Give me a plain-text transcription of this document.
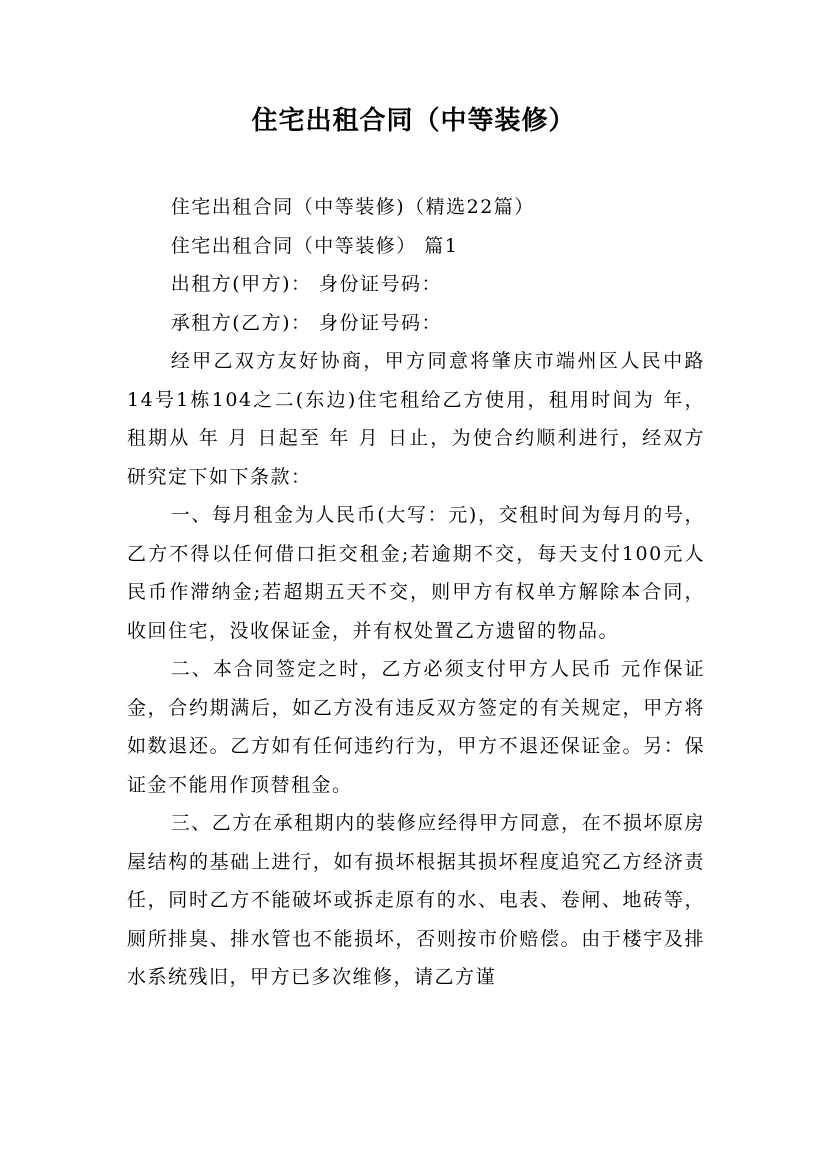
住宅出租合同（中等装修）

住宅出租合同（中等装修)（精选22篇）

住宅出租合同（中等装修） 篇1

出租方(甲方)： 身份证号码：

承租方(乙方)： 身份证号码：

经甲乙双方友好协商，甲方同意将肇庆市端州区人民中路14号1栋104之二(东边)住宅租给乙方使用，租用时间为 年，租期从 年 月 日起至 年 月 日止，为使合约顺利进行，经双方研究定下如下条款：

一、每月租金为人民币(大写：元)，交租时间为每月的号，乙方不得以任何借口拒交租金;若逾期不交，每天支付100元人民币作滞纳金;若超期五天不交，则甲方有权单方解除本合同，收回住宅，没收保证金，并有权处置乙方遗留的物品。

二、本合同签定之时，乙方必须支付甲方人民币 元作保证金，合约期满后，如乙方没有违反双方签定的有关规定，甲方将如数退还。乙方如有任何违约行为，甲方不退还保证金。另：保证金不能用作顶替租金。

三、乙方在承租期内的装修应经得甲方同意，在不损坏原房屋结构的基础上进行，如有损坏根据其损坏程度追究乙方经济责任，同时乙方不能破坏或拆走原有的水、电表、卷闸、地砖等，厕所排臭、排水管也不能损坏，否则按市价赔偿。由于楼宇及排水系统残旧，甲方已多次维修，请乙方谨
